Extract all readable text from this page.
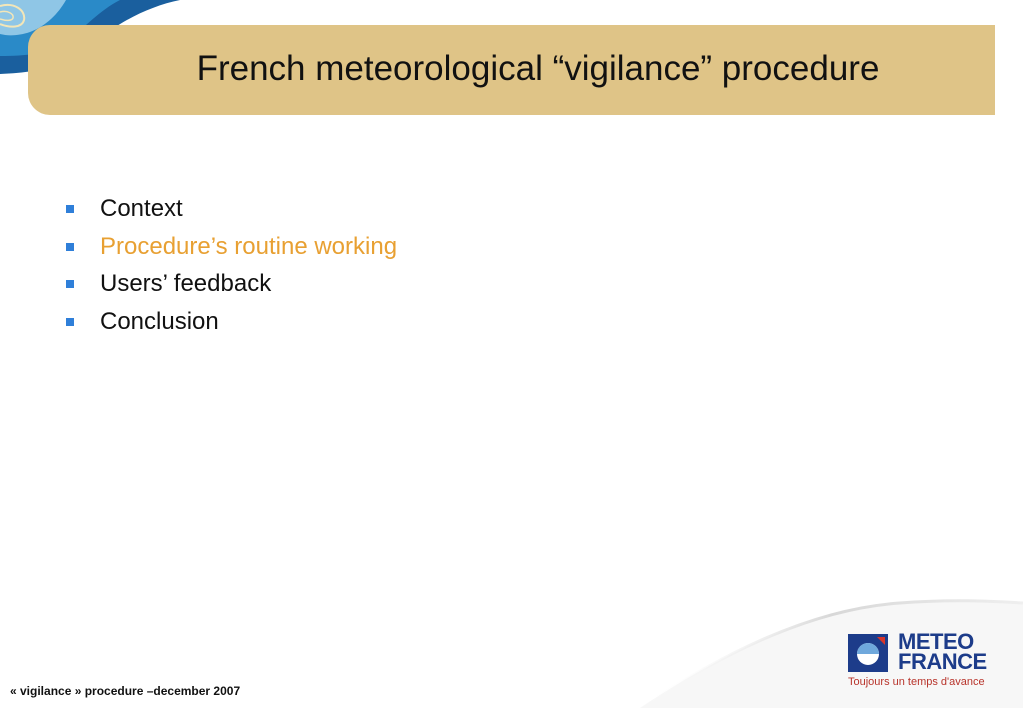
French meteorological “vigilance” procedure
Context
Procedure’s routine working
Users’ feedback
Conclusion
METEO
FRANCE
Toujours un temps d'avance
« vigilance » procedure –december 2007
